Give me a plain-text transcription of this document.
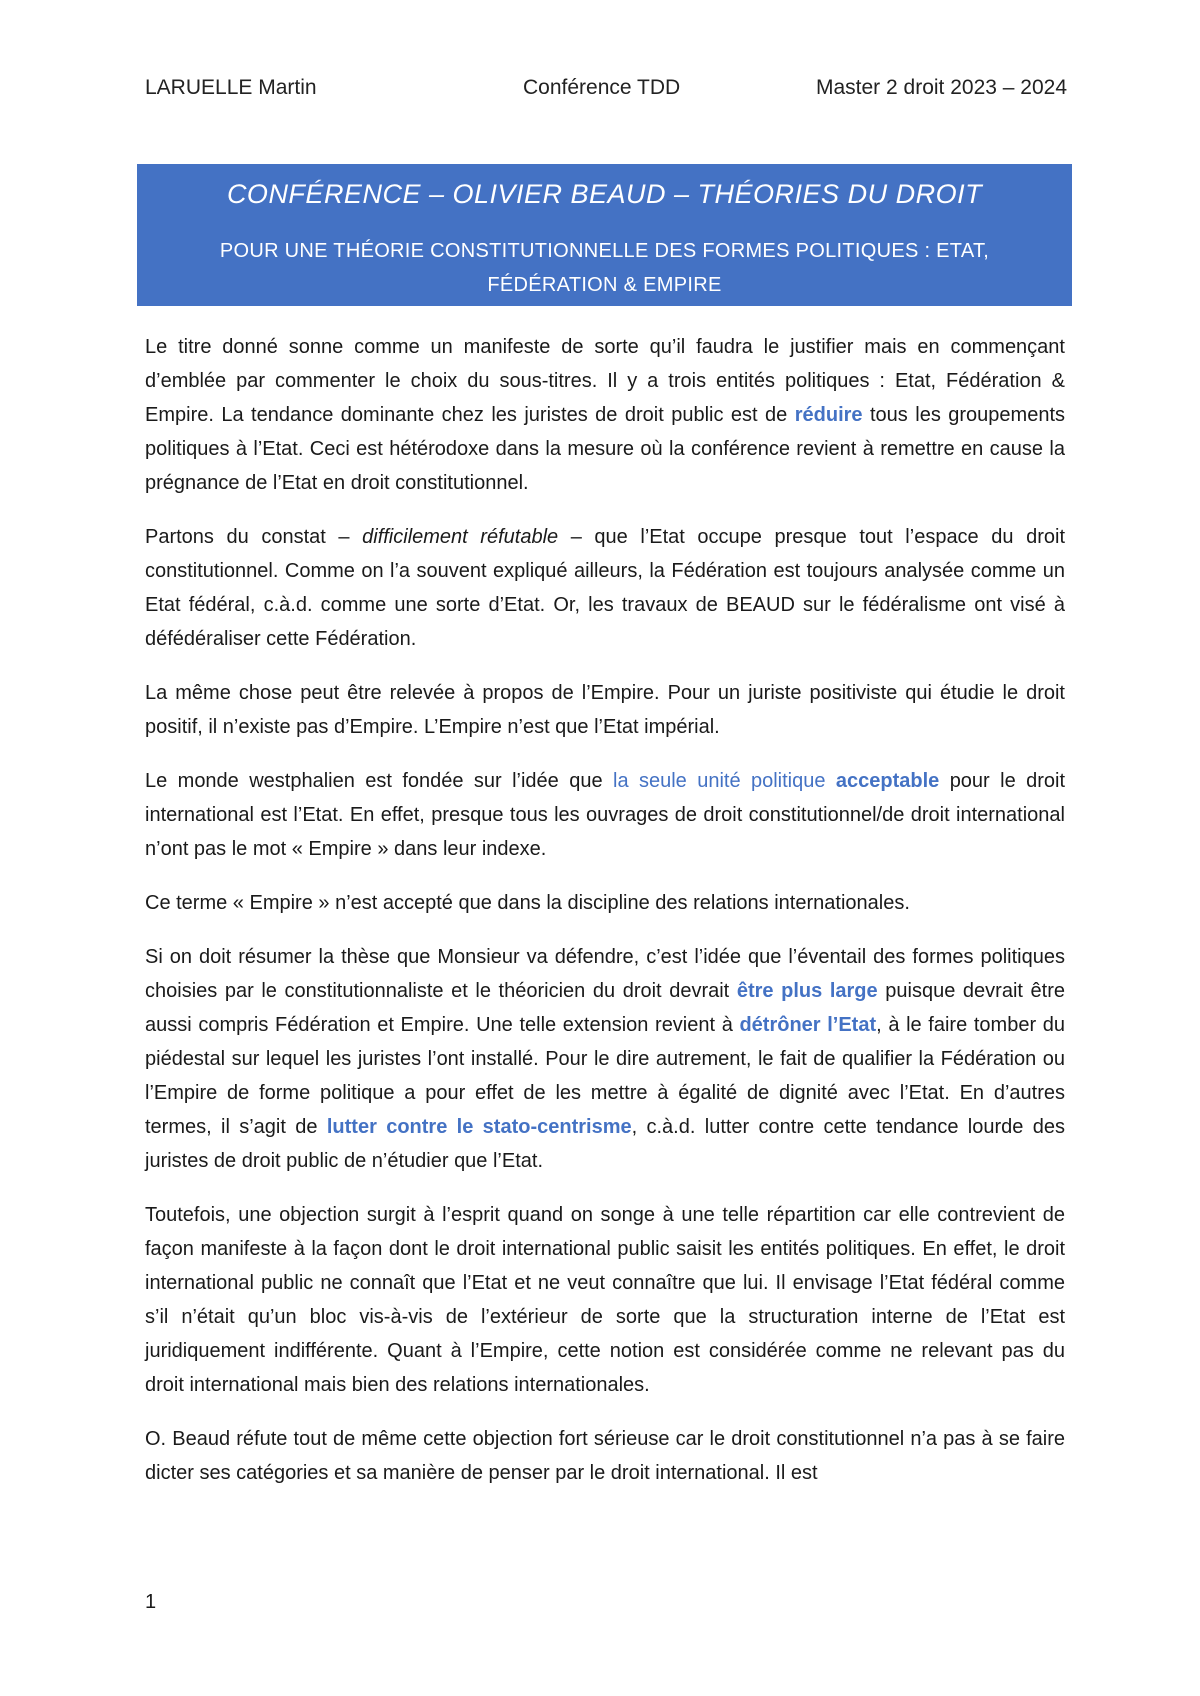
LARUELLE Martin	Conférence TDD	Master 2 droit 2023 – 2024
CONFÉRENCE – OLIVIER BEAUD – THÉORIES DU DROIT
POUR UNE THÉORIE CONSTITUTIONNELLE DES FORMES POLITIQUES : ETAT, FÉDÉRATION & EMPIRE

Le titre donné sonne comme un manifeste de sorte qu’il faudra le justifier mais en commençant d’emblée par commenter le choix du sous-titres. Il y a trois entités politiques : Etat, Fédération & Empire. La tendance dominante chez les juristes de droit public est de réduire tous les groupements politiques à l’Etat. Ceci est hétérodoxe dans la mesure où la conférence revient à remettre en cause la prégnance de l’Etat en droit constitutionnel.

Partons du constat – difficilement réfutable – que l’Etat occupe presque tout l’espace du droit constitutionnel. Comme on l’a souvent expliqué ailleurs, la Fédération est toujours analysée comme un Etat fédéral, c.à.d. comme une sorte d’Etat. Or, les travaux de BEAUD sur le fédéralisme ont visé à défédéraliser cette Fédération.

La même chose peut être relevée à propos de l’Empire. Pour un juriste positiviste qui étudie le droit positif, il n’existe pas d’Empire. L’Empire n’est que l’Etat impérial.

Le monde westphalien est fondée sur l’idée que la seule unité politique acceptable pour le droit international est l’Etat. En effet, presque tous les ouvrages de droit constitutionnel/de droit international n’ont pas le mot « Empire » dans leur indexe.

Ce terme « Empire » n’est accepté que dans la discipline des relations internationales.

Si on doit résumer la thèse que Monsieur va défendre, c’est l’idée que l’éventail des formes politiques choisies par le constitutionnaliste et le théoricien du droit devrait être plus large puisque devrait être aussi compris Fédération et Empire. Une telle extension revient à détrôner l’Etat, à le faire tomber du piédestal sur lequel les juristes l’ont installé. Pour le dire autrement, le fait de qualifier la Fédération ou l’Empire de forme politique a pour effet de les mettre à égalité de dignité avec l’Etat. En d’autres termes, il s’agit de lutter contre le stato-centrisme, c.à.d. lutter contre cette tendance lourde des juristes de droit public de n’étudier que l’Etat.

Toutefois, une objection surgit à l’esprit quand on songe à une telle répartition car elle contrevient de façon manifeste à la façon dont le droit international public saisit les entités politiques. En effet, le droit international public ne connaît que l’Etat et ne veut connaître que lui. Il envisage l’Etat fédéral comme s’il n’était qu’un bloc vis-à-vis de l’extérieur de sorte que la structuration interne de l’Etat est juridiquement indifférente. Quant à l’Empire, cette notion est considérée comme ne relevant pas du droit international mais bien des relations internationales.

O. Beaud réfute tout de même cette objection fort sérieuse car le droit constitutionnel n’a pas à se faire dicter ses catégories et sa manière de penser par le droit international. Il est

1
